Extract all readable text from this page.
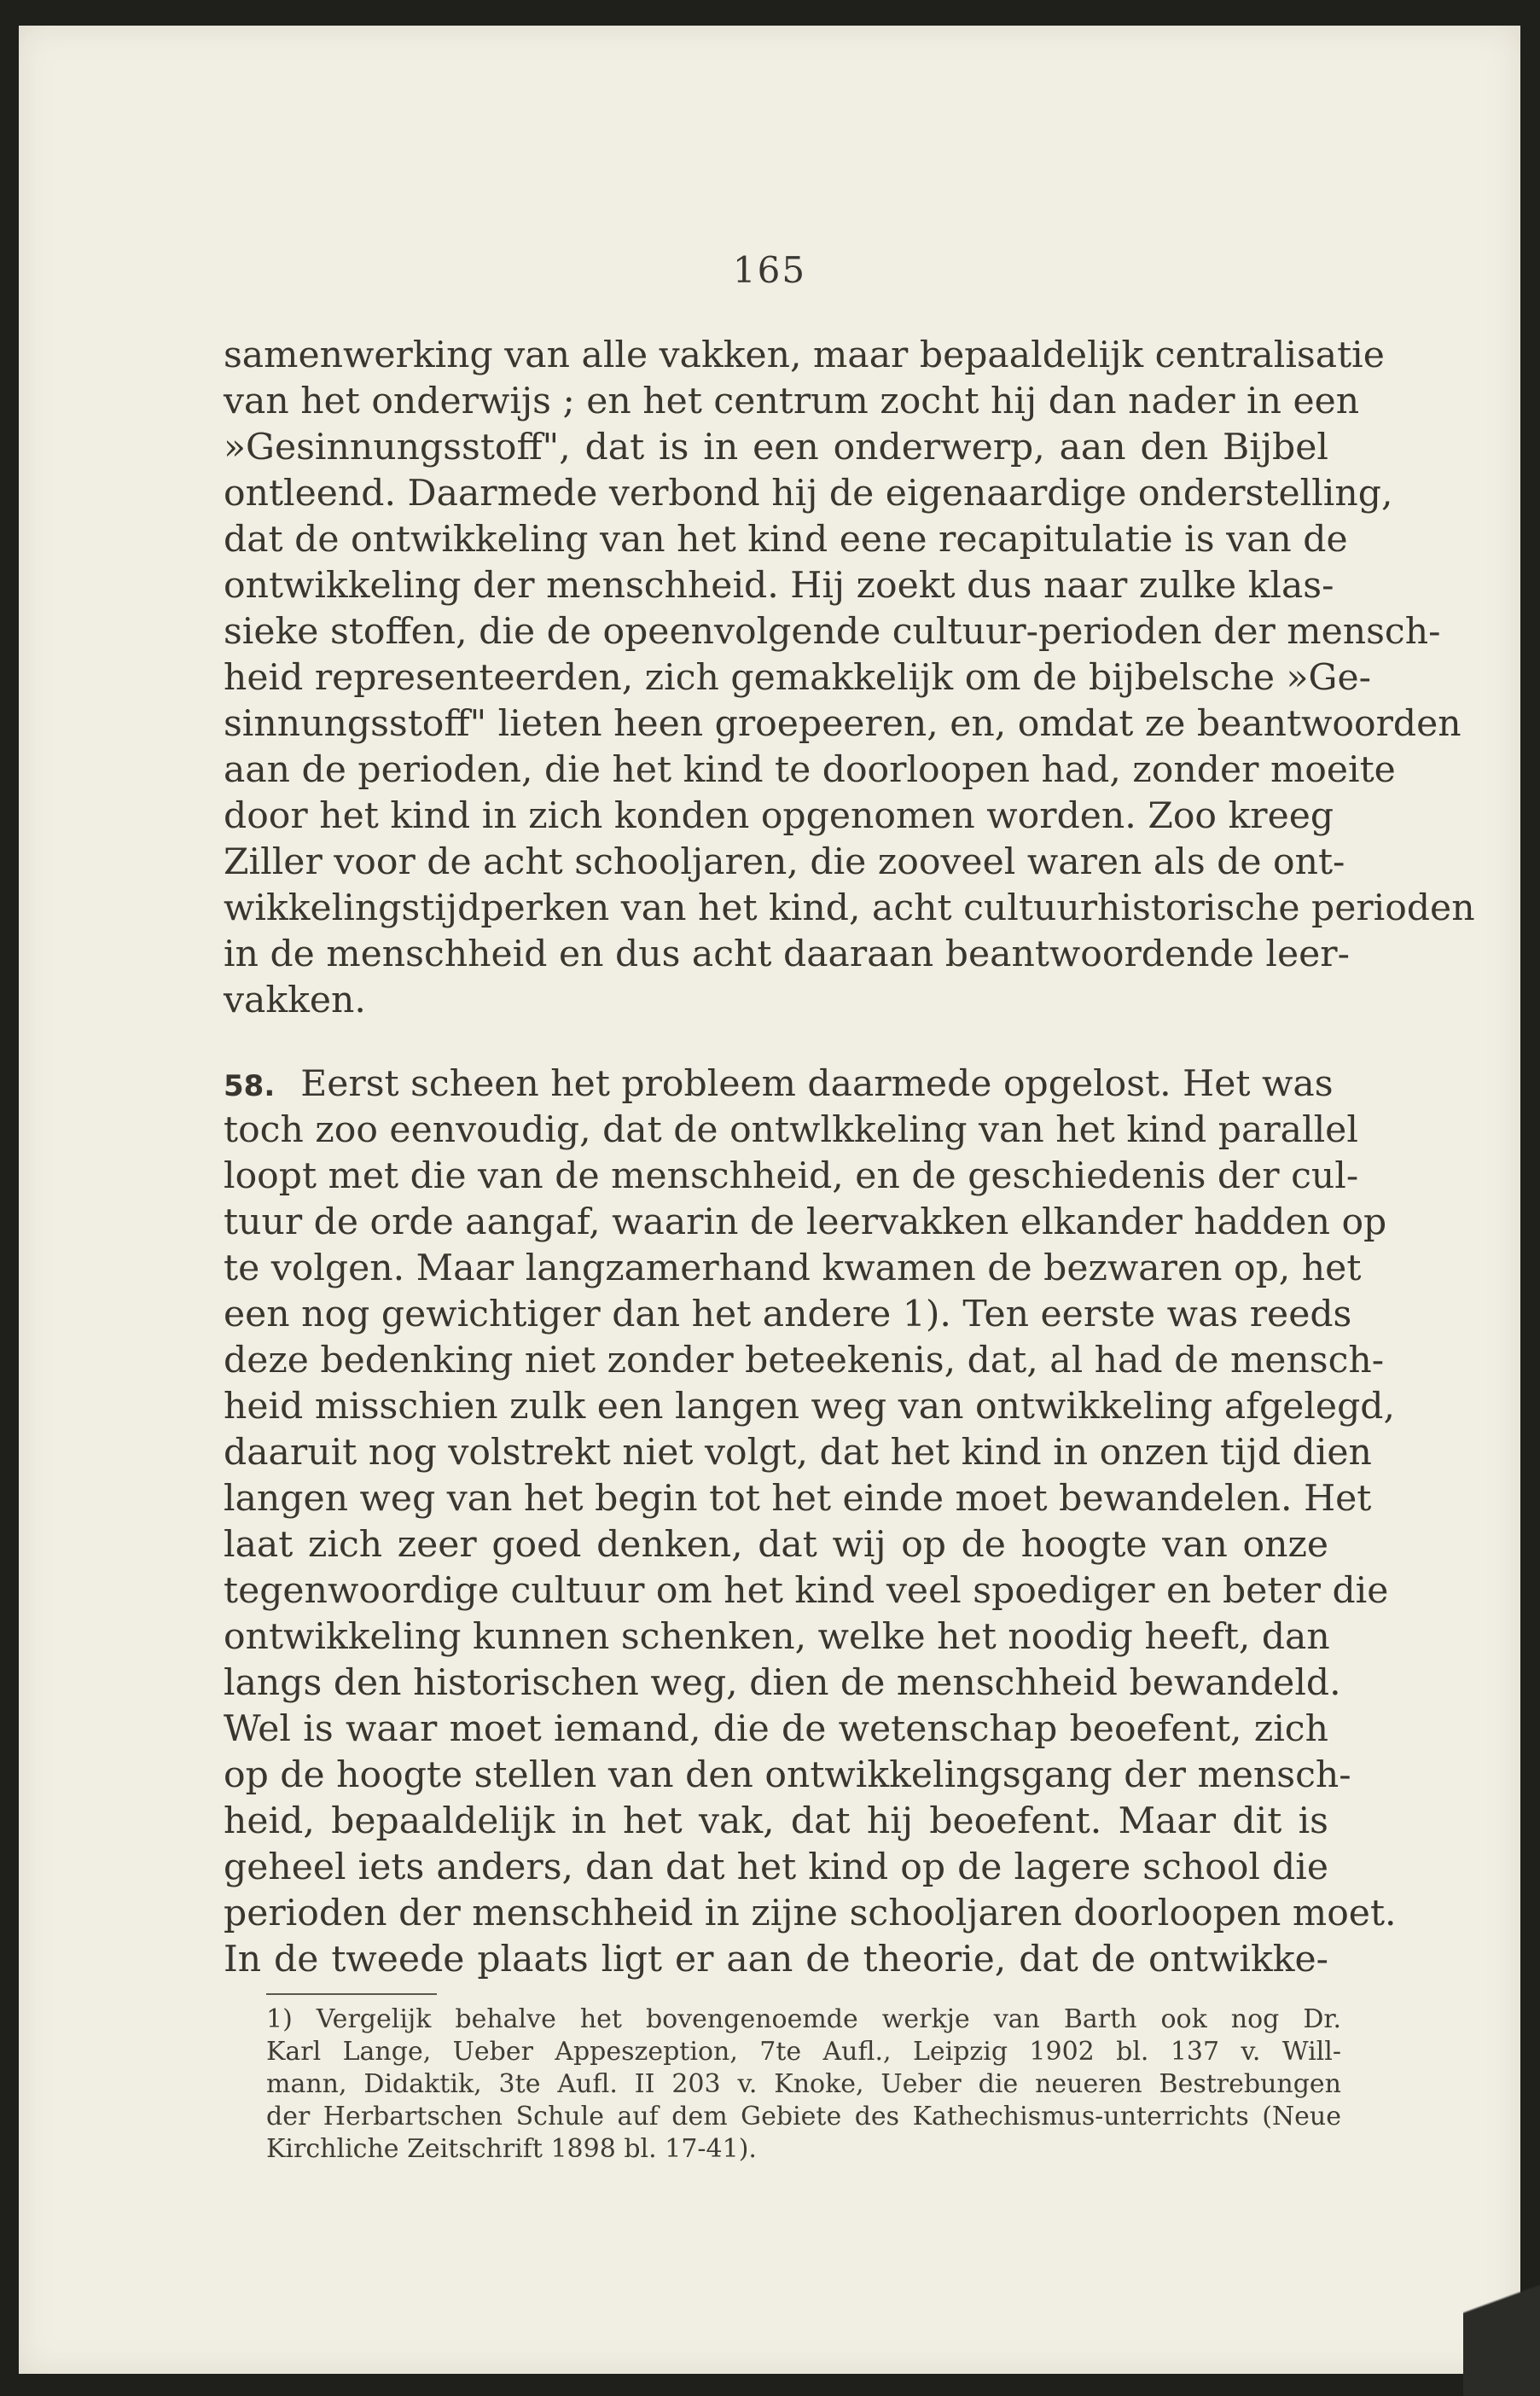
165
samenwerking van alle vakken, maar bepaaldelijk centralisatie
van het onderwijs ; en het centrum zocht hij dan nader in een
»Gesinnungsstoff", dat is in een onderwerp, aan den Bijbel
ontleend. Daarmede verbond hij de eigenaardige onderstelling,
dat de ontwikkeling van het kind eene recapitulatie is van de
ontwikkeling der menschheid. Hij zoekt dus naar zulke klas-
sieke stoffen, die de opeenvolgende cultuur-perioden der mensch-
heid representeerden, zich gemakkelijk om de bijbelsche »Ge-
sinnungsstoff" lieten heen groepeeren, en, omdat ze beantwoorden
aan de perioden, die het kind te doorloopen had, zonder moeite
door het kind in zich konden opgenomen worden. Zoo kreeg
Ziller voor de acht schooljaren, die zooveel waren als de ont-
wikkelingstijdperken van het kind, acht cultuurhistorische perioden
in de menschheid en dus acht daaraan beantwoordende leer-
vakken.
58. Eerst scheen het probleem daarmede opgelost. Het was
toch zoo eenvoudig, dat de ontwlkkeling van het kind parallel
loopt met die van de menschheid, en de geschiedenis der cul-
tuur de orde aangaf, waarin de leervakken elkander hadden op
te volgen. Maar langzamerhand kwamen de bezwaren op, het
een nog gewichtiger dan het andere 1). Ten eerste was reeds
deze bedenking niet zonder beteekenis, dat, al had de mensch-
heid misschien zulk een langen weg van ontwikkeling afgelegd,
daaruit nog volstrekt niet volgt, dat het kind in onzen tijd dien
langen weg van het begin tot het einde moet bewandelen. Het
laat zich zeer goed denken, dat wij op de hoogte van onze
tegenwoordige cultuur om het kind veel spoediger en beter die
ontwikkeling kunnen schenken, welke het noodig heeft, dan
langs den historischen weg, dien de menschheid bewandeld.
Wel is waar moet iemand, die de wetenschap beoefent, zich
op de hoogte stellen van den ontwikkelingsgang der mensch-
heid, bepaaldelijk in het vak, dat hij beoefent. Maar dit is
geheel iets anders, dan dat het kind op de lagere school die
perioden der menschheid in zijne schooljaren doorloopen moet.
In de tweede plaats ligt er aan de theorie, dat de ontwikke-
1) Vergelijk behalve het bovengenoemde werkje van Barth ook nog Dr.
Karl Lange, Ueber Appeszeption, 7te Aufl., Leipzig 1902 bl. 137 v. Will-
mann, Didaktik, 3te Aufl. II 203 v. Knoke, Ueber die neueren Bestrebungen
der Herbartschen Schule auf dem Gebiete des Kathechismus-unterrichts (Neue
Kirchliche Zeitschrift 1898 bl. 17-41).
